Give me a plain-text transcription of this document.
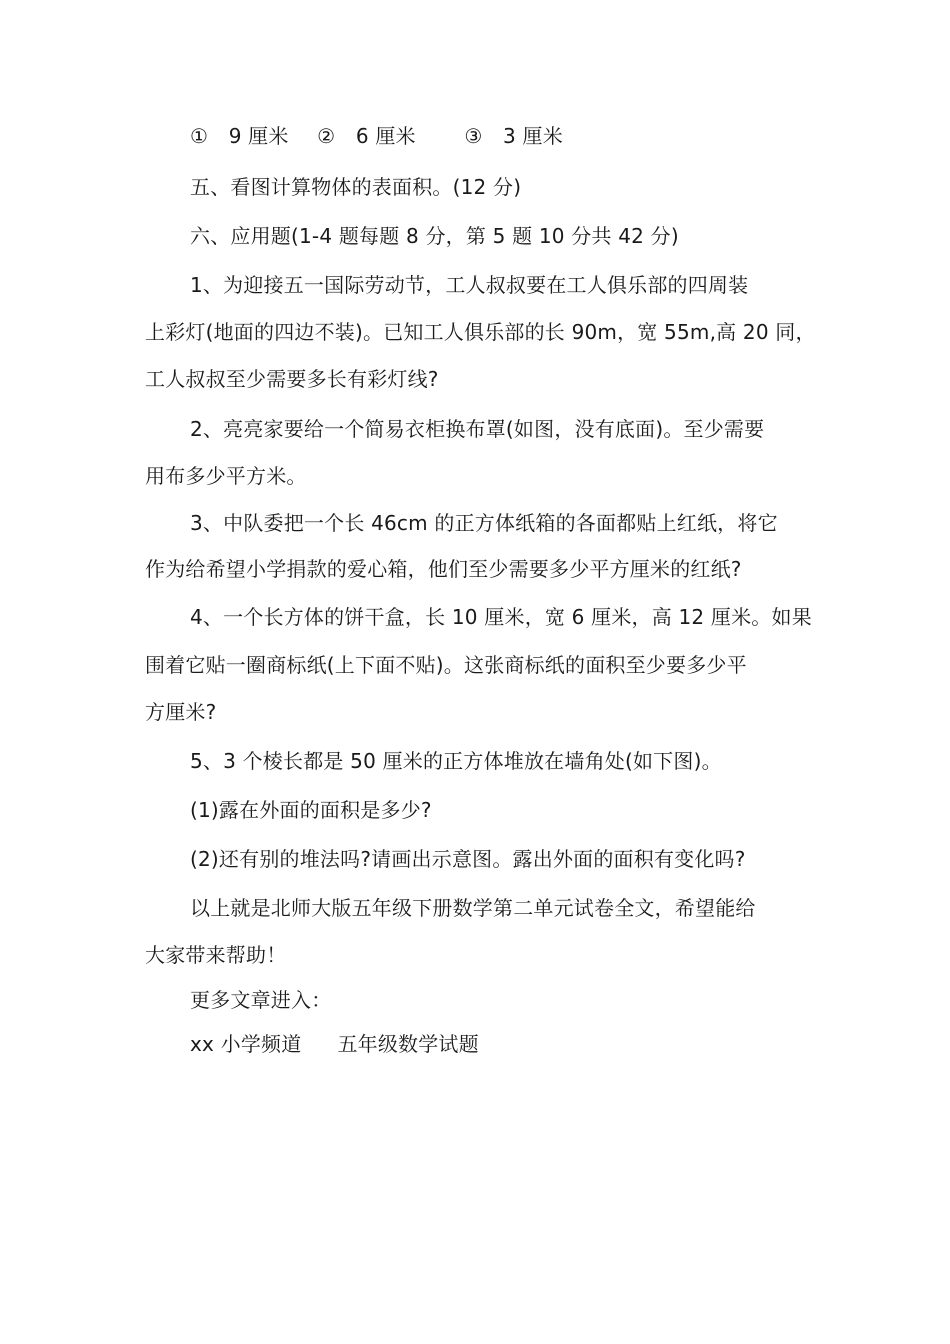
① 9 厘米 ② 6 厘米 ③ 3 厘米
五、看图计算物体的表面积。(12 分)
六、应用题(1-4 题每题 8 分，第 5 题 10 分共 42 分)
1、为迎接五一国际劳动节，工人叔叔要在工人俱乐部的四周装
上彩灯(地面的四边不装)。已知工人俱乐部的长 90m，宽 55m,高 20 同，
工人叔叔至少需要多长有彩灯线?
2、亮亮家要给一个简易衣柜换布罩(如图，没有底面)。至少需要
用布多少平方米。
3、中队委把一个长 46cm 的正方体纸箱的各面都贴上红纸，将它
作为给希望小学捐款的爱心箱，他们至少需要多少平方厘米的红纸?
4、一个长方体的饼干盒，长 10 厘米，宽 6 厘米，高 12 厘米。如果
围着它贴一圈商标纸(上下面不贴)。这张商标纸的面积至少要多少平
方厘米?
5、3 个棱长都是 50 厘米的正方体堆放在墙角处(如下图)。
(1)露在外面的面积是多少?
(2)还有别的堆法吗?请画出示意图。露出外面的面积有变化吗?
以上就是北师大版五年级下册数学第二单元试卷全文，希望能给
大家带来帮助！
更多文章进入：
xx 小学频道 五年级数学试题
